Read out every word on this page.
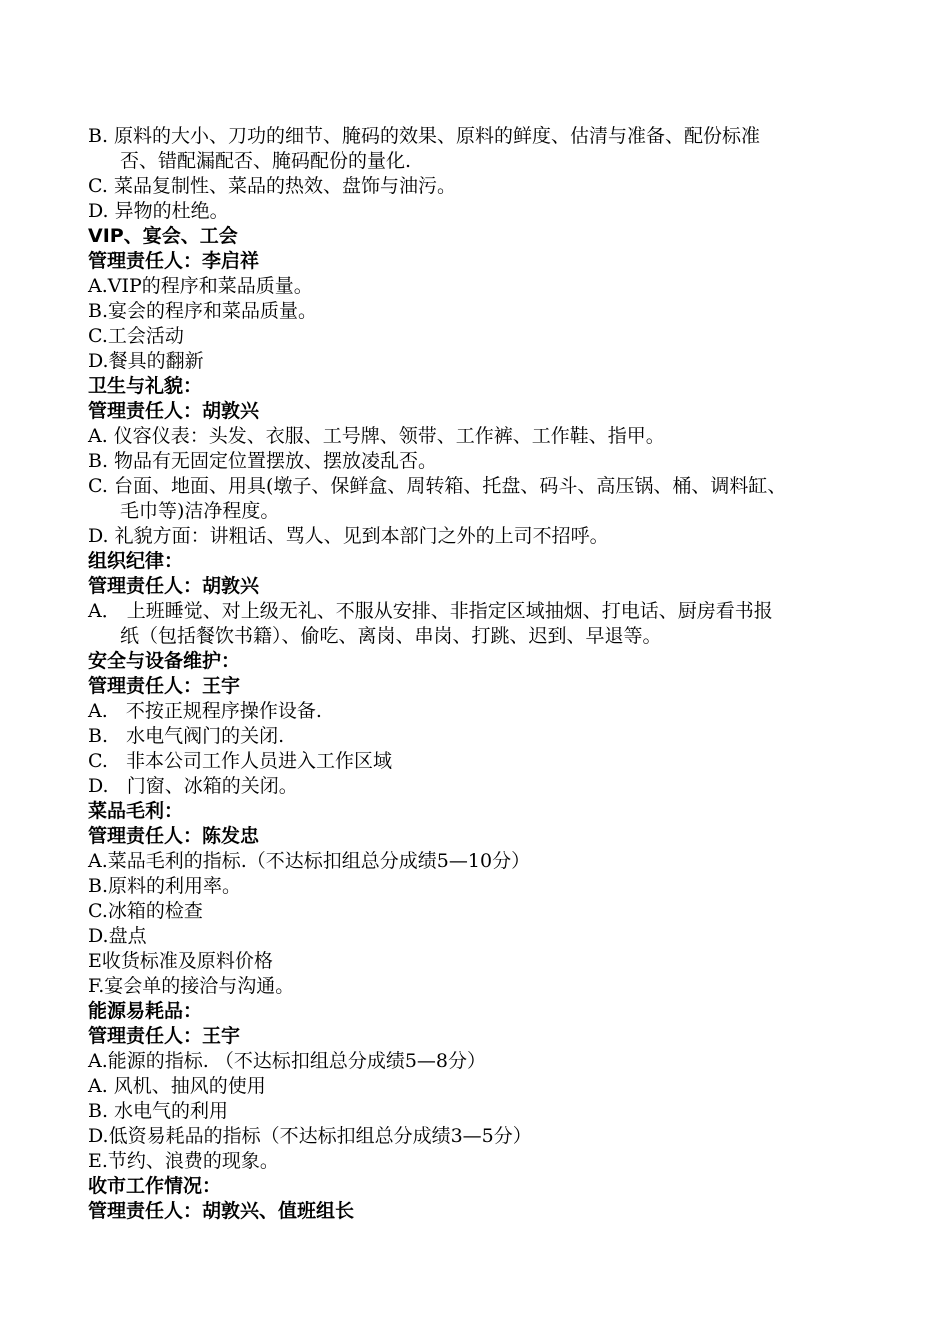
B. 原料的大小、刀功的细节、腌码的效果、原料的鲜度、估清与准备、配份标准
否、错配漏配否、腌码配份的量化.
C. 菜品复制性、菜品的热效、盘饰与油污。
D. 异物的杜绝。
VIP、宴会、工会
管理责任人：李启祥
A.VIP的程序和菜品质量。
B.宴会的程序和菜品质量。
C.工会活动
D.餐具的翻新
卫生与礼貌：
管理责任人：胡敦兴
A. 仪容仪表：头发、衣服、工号牌、领带、工作裤、工作鞋、指甲。
B. 物品有无固定位置摆放、摆放凌乱否。
C. 台面、地面、用具(墩子、保鲜盒、周转箱、托盘、码斗、高压锅、桶、调料缸、
毛巾等)洁净程度。
D. 礼貌方面：讲粗话、骂人、见到本部门之外的上司不招呼。
组织纪律：
管理责任人：胡敦兴
A． 上班睡觉、对上级无礼、不服从安排、非指定区域抽烟、打电话、厨房看书报
纸（包括餐饮书籍）、偷吃、离岗、串岗、打跳、迟到、早退等。
安全与设备维护：
管理责任人：王宇
A.   不按正规程序操作设备.
B.   水电气阀门的关闭.
C.   非本公司工作人员进入工作区域
D.   门窗、冰箱的关闭。
菜品毛利：
管理责任人：陈发忠
A.菜品毛利的指标.（不达标扣组总分成绩5—10分）
B.原料的利用率。
C.冰箱的检查
D.盘点
E收货标准及原料价格
F.宴会单的接洽与沟通。
能源易耗品：
管理责任人：王宇
A.能源的指标. （不达标扣组总分成绩5—8分）
A. 风机、抽风的使用
B. 水电气的利用
D.低资易耗品的指标（不达标扣组总分成绩3—5分）
E.节约、浪费的现象。
收市工作情况：
管理责任人：胡敦兴、值班组长
